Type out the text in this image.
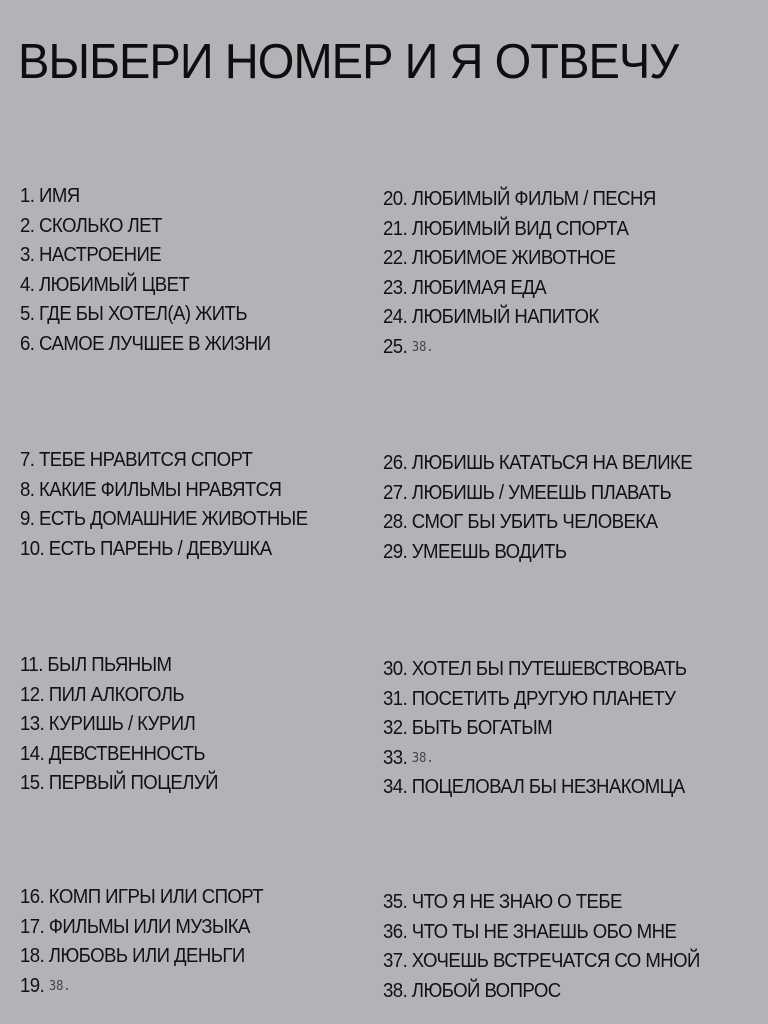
ВЫБЕРИ НОМЕР И Я ОТВЕЧУ
1. ИМЯ
2. СКОЛЬКО ЛЕТ
3. НАСТРОЕНИЕ
4. ЛЮБИМЫЙ ЦВЕТ
5. ГДЕ БЫ ХОТЕЛ(А) ЖИТЬ
6. САМОЕ ЛУЧШЕЕ В ЖИЗНИ
20. ЛЮБИМЫЙ ФИЛЬМ / ПЕСНЯ
21. ЛЮБИМЫЙ ВИД СПОРТА
22. ЛЮБИМОЕ ЖИВОТНОЕ
23. ЛЮБИМАЯ ЕДА
24. ЛЮБИМЫЙ НАПИТОК
25. 38.
7. ТЕБЕ НРАВИТСЯ СПОРТ
8. КАКИЕ ФИЛЬМЫ НРАВЯТСЯ
9. ЕСТЬ ДОМАШНИЕ ЖИВОТНЫЕ
10. ЕСТЬ ПАРЕНЬ / ДЕВУШКА
26. ЛЮБИШЬ КАТАТЬСЯ НА ВЕЛИКЕ
27. ЛЮБИШЬ / УМЕЕШЬ ПЛАВАТЬ
28. СМОГ БЫ УБИТЬ ЧЕЛОВЕКА
29. УМЕЕШЬ ВОДИТЬ
11. БЫЛ ПЬЯНЫМ
12. ПИЛ АЛКОГОЛЬ
13. КУРИШЬ / КУРИЛ
14. ДЕВСТВЕННОСТЬ
15. ПЕРВЫЙ ПОЦЕЛУЙ
30. ХОТЕЛ БЫ ПУТЕШЕВСТВОВАТЬ
31. ПОСЕТИТЬ ДРУГУЮ ПЛАНЕТУ
32. БЫТЬ БОГАТЫМ
33. 38.
34. ПОЦЕЛОВАЛ БЫ НЕЗНАКОМЦА
16. КОМП ИГРЫ ИЛИ СПОРТ
17. ФИЛЬМЫ ИЛИ МУЗЫКА
18. ЛЮБОВЬ ИЛИ ДЕНЬГИ
19. 38.
35. ЧТО Я НЕ ЗНАЮ О ТЕБЕ
36. ЧТО ТЫ НЕ ЗНАЕШЬ ОБО МНЕ
37. ХОЧЕШЬ ВСТРЕЧАТСЯ СО МНОЙ
38. ЛЮБОЙ ВОПРОС
